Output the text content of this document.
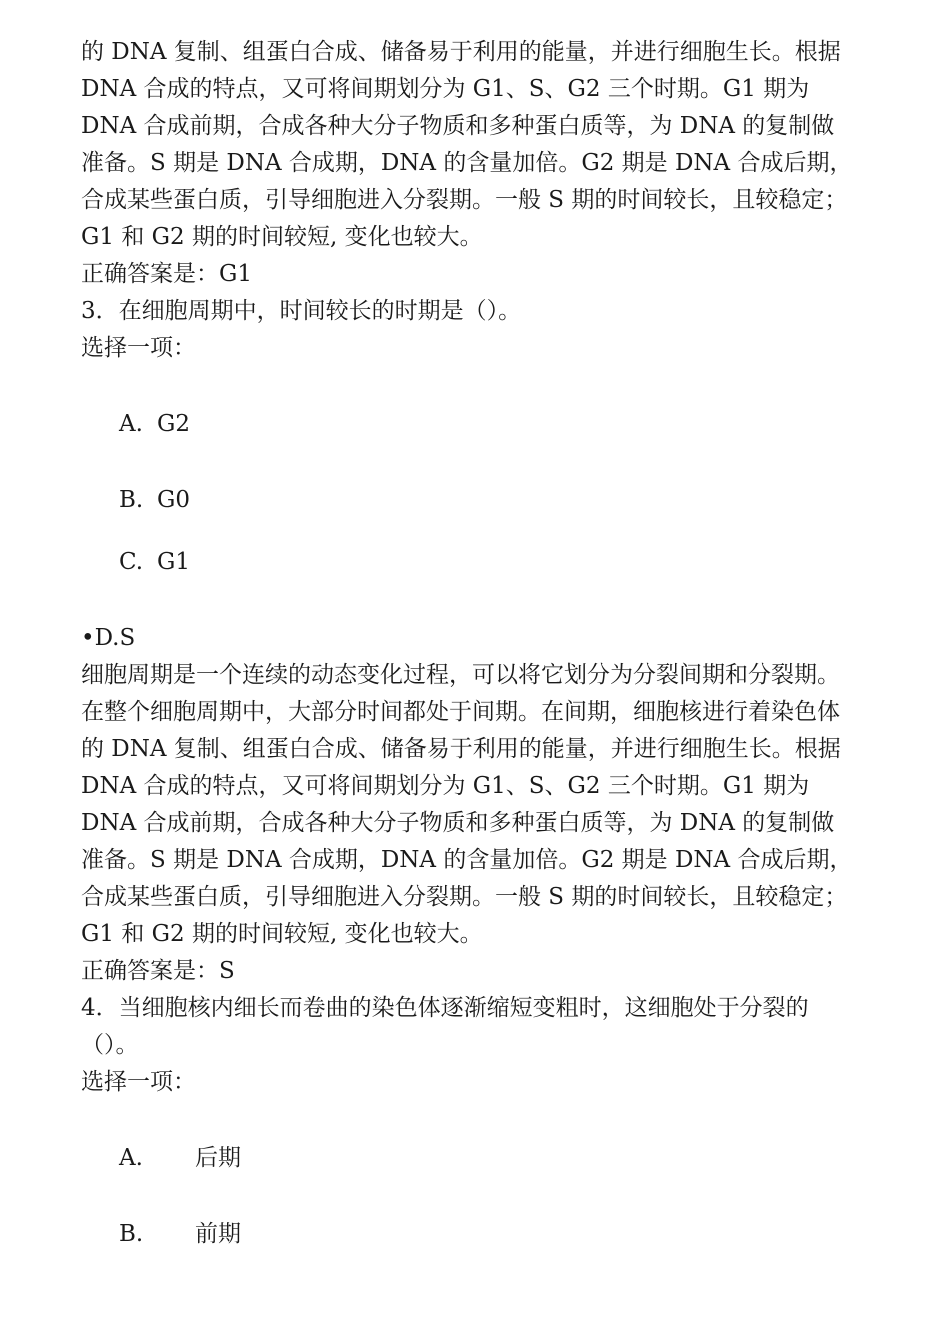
的 DNA 复制、组蛋白合成、储备易于利用的能量，并进行细胞生长。根据
DNA 合成的特点，又可将间期划分为 G1、S、G2 三个时期。G1 期为
DNA 合成前期，合成各种大分子物质和多种蛋白质等，为 DNA 的复制做
准备。S 期是 DNA 合成期，DNA 的含量加倍。G2 期是 DNA 合成后期，
合成某些蛋白质，引导细胞进入分裂期。一般 S 期的时间较长，且较稳定；
G1 和 G2 期的时间较短, 变化也较大。
正确答案是：G1
3．在细胞周期中，时间较长的时期是（）。
选择一项：
A. G2
B. G0
C. G1
•D.S
细胞周期是一个连续的动态变化过程，可以将它划分为分裂间期和分裂期。
在整个细胞周期中，大部分时间都处于间期。在间期，细胞核进行着染色体
的 DNA 复制、组蛋白合成、储备易于利用的能量，并进行细胞生长。根据
DNA 合成的特点，又可将间期划分为 G1、S、G2 三个时期。G1 期为
DNA 合成前期，合成各种大分子物质和多种蛋白质等，为 DNA 的复制做
准备。S 期是 DNA 合成期，DNA 的含量加倍。G2 期是 DNA 合成后期，
合成某些蛋白质，引导细胞进入分裂期。一般 S 期的时间较长，且较稳定；
G1 和 G2 期的时间较短, 变化也较大。
正确答案是：S
4．当细胞核内细长而卷曲的染色体逐渐缩短变粗时，这细胞处于分裂的
（）。
选择一项：
A. 后期
B. 前期
